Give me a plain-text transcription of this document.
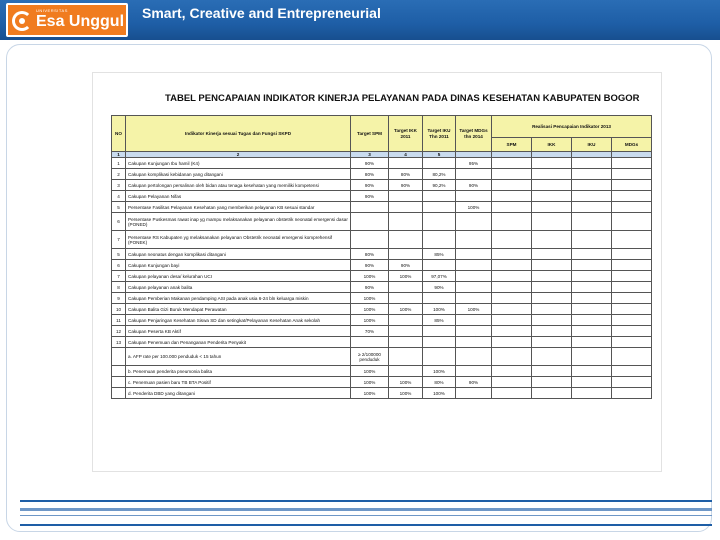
UNIVERSITAS
Esa Unggul Smart, Creative and Entrepreneurial
TABEL PENCAPAIAN INDIKATOR KINERJA PELAYANAN PADA DINAS KESEHATAN KABUPATEN BOGOR
NO	Indikator Kinerja sesuai Tugas dan Fungsi SKPD	Target SPM	Target IKK 2011	Target IKU Thn 2011	Target MDGs thn 2014	Realisasi Pencapaian Indikator 2013			
						SPM	IKK	IKU	MDGs
1	2	3	4	5					
1	Cakupan Kunjungan Ibu hamil (K4)	90%			95%				
2	Cakupan komplikasi kebidanan yang ditangani	80%	80%	80,2%					
3	Cakupan pertolongan persalinan oleh bidan atau tenaga kesehatan yang memiliki kompetensi	90%	90%	90,2%	90%				
4	Cakupan Pelayanan Nifas	90%							
5	Persentase Fasilitas Pelayanan Kesehatan yang memberikan pelayanan KB sesuai standar				100%				
6	Persentase Puskesmas rawat inap yg mampu melaksanakan pelayanan obstetrik neonatal emergensi dasar (PONED)								
7	Persentase RS Kabupaten yg melaksanakan pelayanan Obstetrik neonatal emergensi komprehensif (PONEK)								
5	Cakupan neonatus dengan komplikasi ditangani	80%		85%					
6	Cakupan Kunjungan bayi	90%	90%						
7	Cakupan pelayanan desa/ kelurahan UCI	100%	100%	97,07%					
8	Cakupan pelayanan anak balita	90%		90%					
9	Cakupan Pemberian Makanan pendamping ASI pada anak usia 6-24 bln keluarga miskin	100%							
10	Cakupan Balita Gizi Buruk Mendapat Perawatan	100%	100%	100%	100%				
11	Cakupan Penjaringan Kesehatan Siswa SD dan setingkat/Pelayanan Kesehatan Anak sekolah	100%		85%					
12	Cakupan Peserta KB Aktif	70%							
13	Cakupan Penemuan dan Penanganan Penderita Penyakit								
	a. AFP rate per 100.000 penduduk < 15 tahun	≥ 2/100000 penduduk							
	b. Penemuan penderita pneumonia balita	100%		100%					
	c. Penemuan pasien baru TB BTA Positif	100%	100%	80%	90%				
	d. Penderita DBD yang ditangani	100%	100%	100%					
